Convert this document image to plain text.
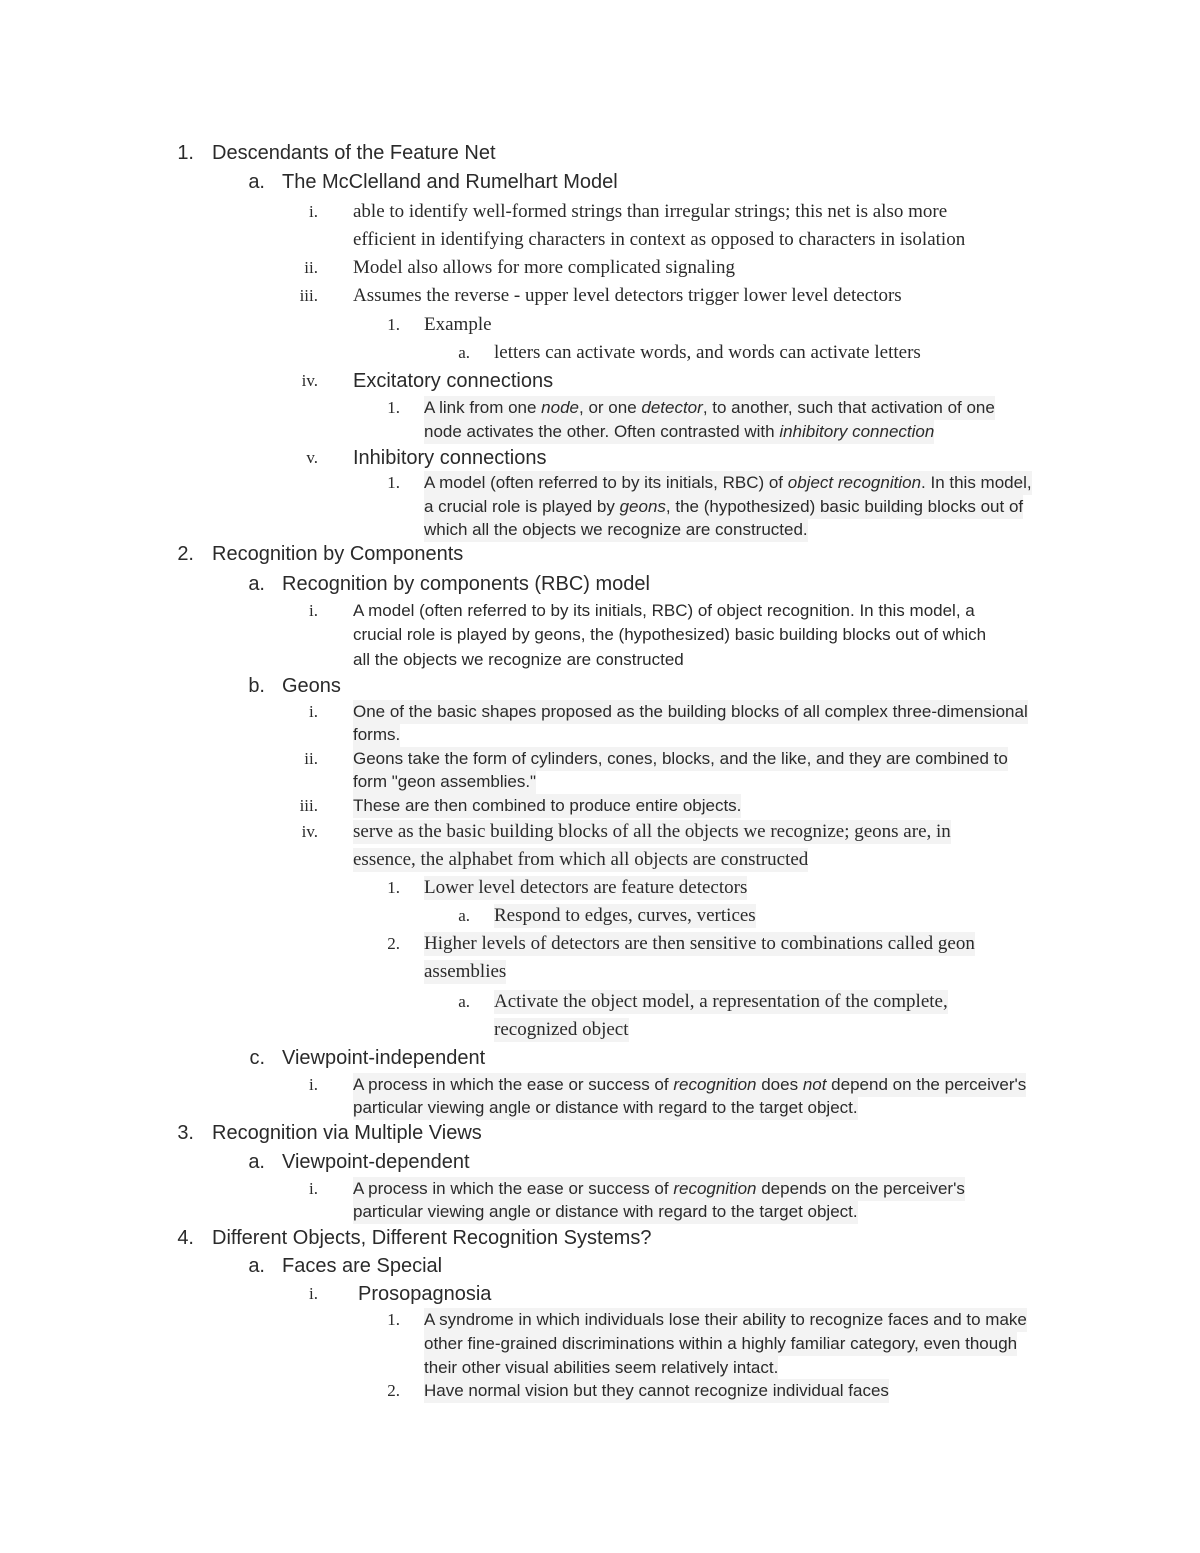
1. Descendants of the Feature Net
a. The McClelland and Rumelhart Model
i. able to identify well-formed strings than irregular strings; this net is also more
efficient in identifying characters in context as opposed to characters in isolation
ii. Model also allows for more complicated signaling
iii. Assumes the reverse - upper level detectors trigger lower level detectors
1. Example
a. letters can activate words, and words can activate letters
iv. Excitatory connections
1. A link from one node, or one detector, to another, such that activation of one
node activates the other. Often contrasted with inhibitory connection
v. Inhibitory connections
1. A model (often referred to by its initials, RBC) of object recognition. In this model,
a crucial role is played by geons, the (hypothesized) basic building blocks out of
which all the objects we recognize are constructed.
2. Recognition by Components
a. Recognition by components (RBC) model
i. A model (often referred to by its initials, RBC) of object recognition. In this model, a
crucial role is played by geons, the (hypothesized) basic building blocks out of which
all the objects we recognize are constructed
b. Geons
i. One of the basic shapes proposed as the building blocks of all complex three-dimensional
forms.
ii. Geons take the form of cylinders, cones, blocks, and the like, and they are combined to
form "geon assemblies."
iii. These are then combined to produce entire objects.
iv. serve as the basic building blocks of all the objects we recognize; geons are, in
essence, the alphabet from which all objects are constructed
1. Lower level detectors are feature detectors
a. Respond to edges, curves, vertices
2. Higher levels of detectors are then sensitive to combinations called geon
assemblies
a. Activate the object model, a representation of the complete,
recognized object
c. Viewpoint-independent
i. A process in which the ease or success of recognition does not depend on the perceiver's
particular viewing angle or distance with regard to the target object.
3. Recognition via Multiple Views
a. Viewpoint-dependent
i. A process in which the ease or success of recognition depends on the perceiver's
particular viewing angle or distance with regard to the target object.
4. Different Objects, Different Recognition Systems?
a. Faces are Special
i. Prosopagnosia
1. A syndrome in which individuals lose their ability to recognize faces and to make
other fine-grained discriminations within a highly familiar category, even though
their other visual abilities seem relatively intact.
2. Have normal vision but they cannot recognize individual faces
